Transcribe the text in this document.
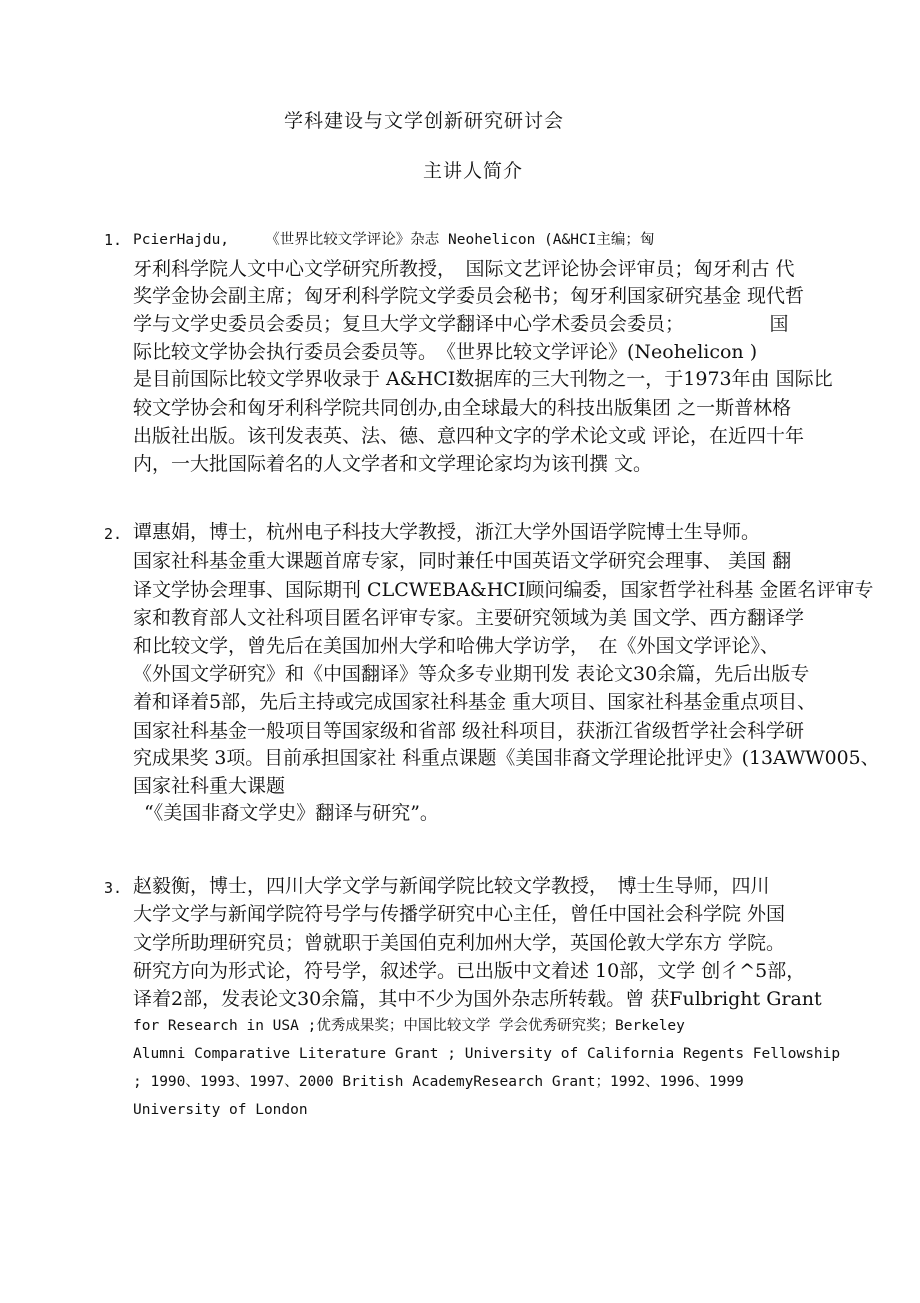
学科建设与文学创新研究研讨会
主讲人简介
1. PcierHajdu,　　　《世界比较文学评论》杂志 Neohelicon (A&HCI主编；匈
牙利科学院人文中心文学研究所教授，　国际文艺评论协会评审员；匈牙利古 代
奖学金协会副主席；匈牙利科学院文学委员会秘书；匈牙利国家研究基金 现代哲
学与文学史委员会委员；复旦大学文学翻译中心学术委员会委员；　　　　　国
际比较文学协会执行委员会委员等。　《世界比较文学评论》(Neohelicon )
是目前国际比较文学界收录于 A&HCI数据库的三大刊物之一，于1973年由 国际比
较文学协会和匈牙利科学院共同创办,由全球最大的科技出版集团 之一斯普林格
出版社出版。该刊发表英、法、德、意四种文字的学术论文或 评论，在近四十年
内，一大批国际着名的人文学者和文学理论家均为该刊撰 文。
2. 谭惠娟，博士，杭州电子科技大学教授，浙江大学外国语学院博士生导师。
国家社科基金重大课题首席专家，同时兼任中国英语文学研究会理事、 美国 翻
译文学协会理事、国际期刊 CLCWEBA&HCI顾问编委，国家哲学社科基 金匿名评审专
家和教育部人文社科项目匿名评审专家。主要研究领域为美 国文学、西方翻译学
和比较文学，曾先后在美国加州大学和哈佛大学访学，　在《外国文学评论》、
《外国文学研究》和《中国翻译》等众多专业期刊发 表论文30余篇，先后出版专
着和译着5部，先后主持或完成国家社科基金 重大项目、国家社科基金重点项目、
国家社科基金一般项目等国家级和省部 级社科项目，获浙江省级哲学社会科学研
究成果奖 3项。目前承担国家社 科重点课题《美国非裔文学理论批评史》(13AWW005、
国家社科重大课题
“《美国非裔文学史》翻译与研究”。
3. 赵毅衡，博士，四川大学文学与新闻学院比较文学教授，　博士生导师，四川
大学文学与新闻学院符号学与传播学研究中心主任，曾任中国社会科学院 外国
文学所助理研究员；曾就职于美国伯克利加州大学，英国伦敦大学东方 学院。
研究方向为形式论，符号学，叙述学。已出版中文着述 10部，文学 创彳^5部，
译着2部，发表论文30余篇，其中不少为国外杂志所转载。曾 获Fulbright Grant
for Research in USA ;优秀成果奖；中国比较文学 学会优秀研究奖；Berkeley
Alumni Comparative Literature Grant ; University of California Regents Fellowship
; 1990、1993、1997、2000 British AcademyResearch Grant；1992、1996、1999
University of London
